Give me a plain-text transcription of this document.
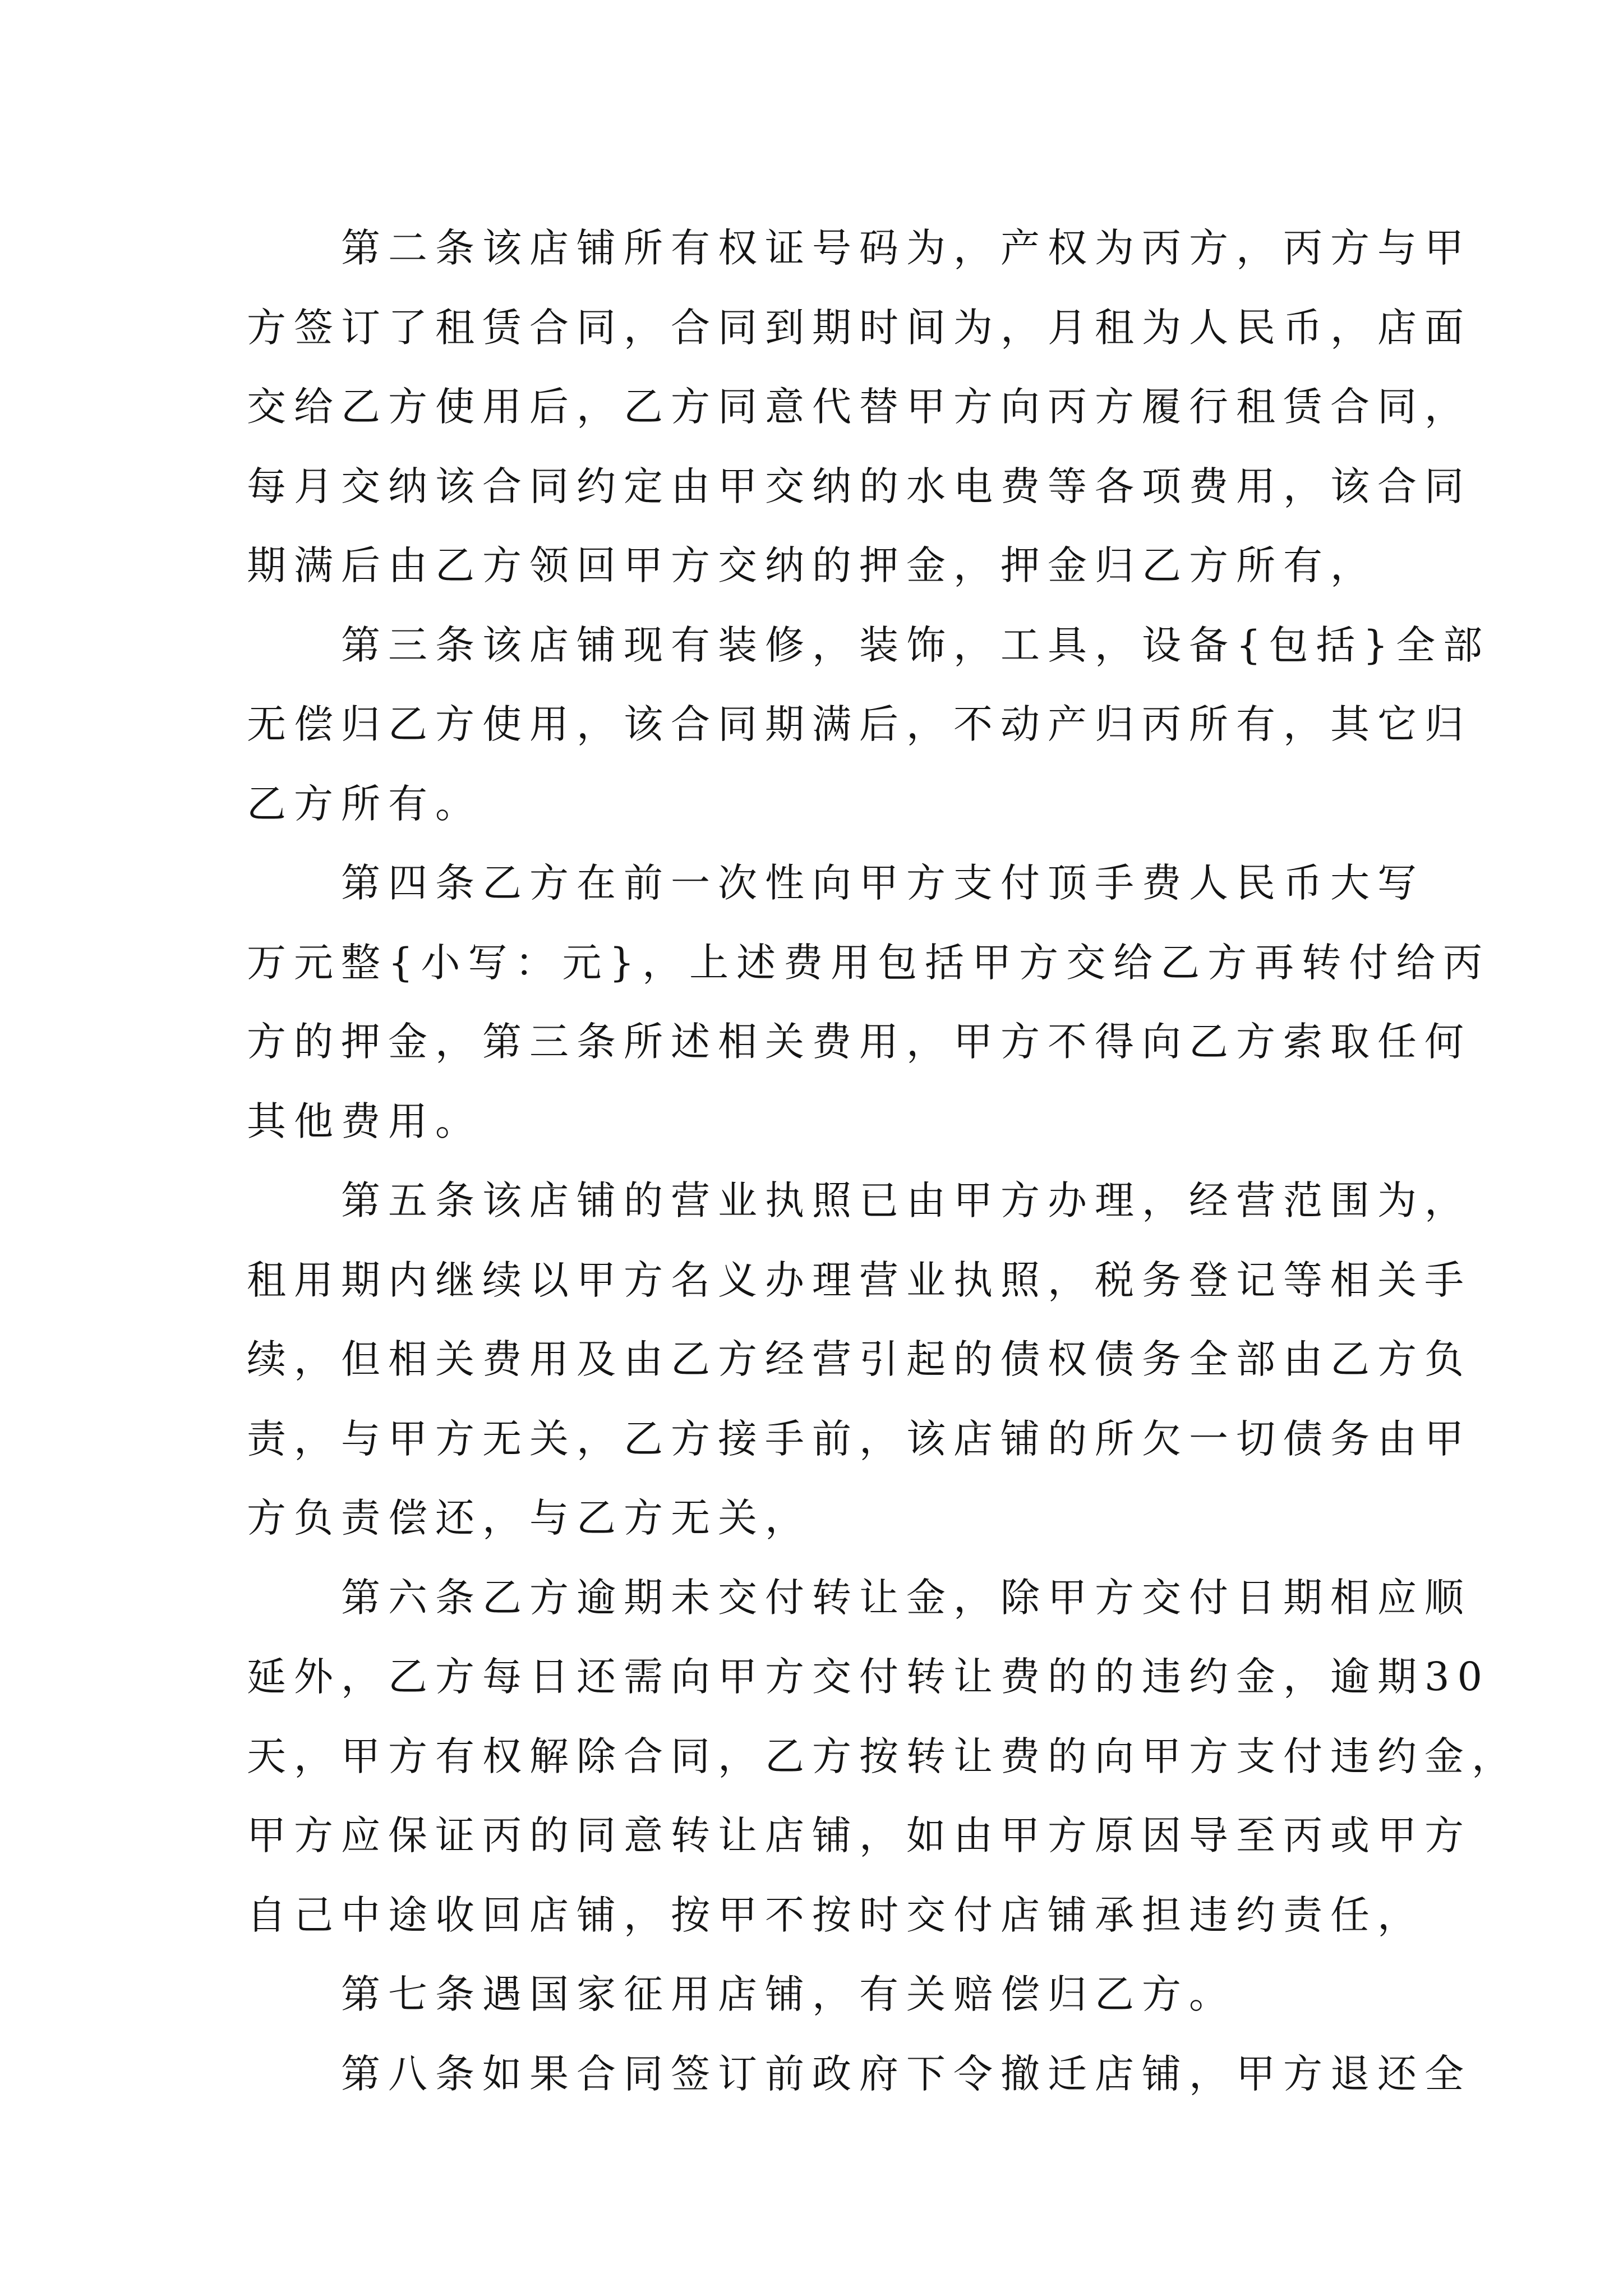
第二条该店铺所有权证号码为，产权为丙方，丙方与甲
方签订了租赁合同，合同到期时间为，月租为人民币，店面
交给乙方使用后，乙方同意代替甲方向丙方履行租赁合同，
每月交纳该合同约定由甲交纳的水电费等各项费用，该合同
期满后由乙方领回甲方交纳的押金，押金归乙方所有，

第三条该店铺现有装修，装饰，工具，设备{包括}全部
无偿归乙方使用，该合同期满后，不动产归丙所有，其它归
乙方所有。

第四条乙方在前一次性向甲方支付顶手费人民币大写
万元整{小写：元}，上述费用包括甲方交给乙方再转付给丙
方的押金，第三条所述相关费用，甲方不得向乙方索取任何
其他费用。

第五条该店铺的营业执照已由甲方办理，经营范围为，
租用期内继续以甲方名义办理营业执照，税务登记等相关手
续，但相关费用及由乙方经营引起的债权债务全部由乙方负
责，与甲方无关，乙方接手前，该店铺的所欠一切债务由甲
方负责偿还，与乙方无关，

第六条乙方逾期未交付转让金，除甲方交付日期相应顺
延外，乙方每日还需向甲方交付转让费的的违约金，逾期30
天，甲方有权解除合同，乙方按转让费的向甲方支付违约金，
甲方应保证丙的同意转让店铺，如由甲方原因导至丙或甲方
自己中途收回店铺，按甲不按时交付店铺承担违约责任，

第七条遇国家征用店铺，有关赔偿归乙方。

第八条如果合同签订前政府下令撤迁店铺，甲方退还全
